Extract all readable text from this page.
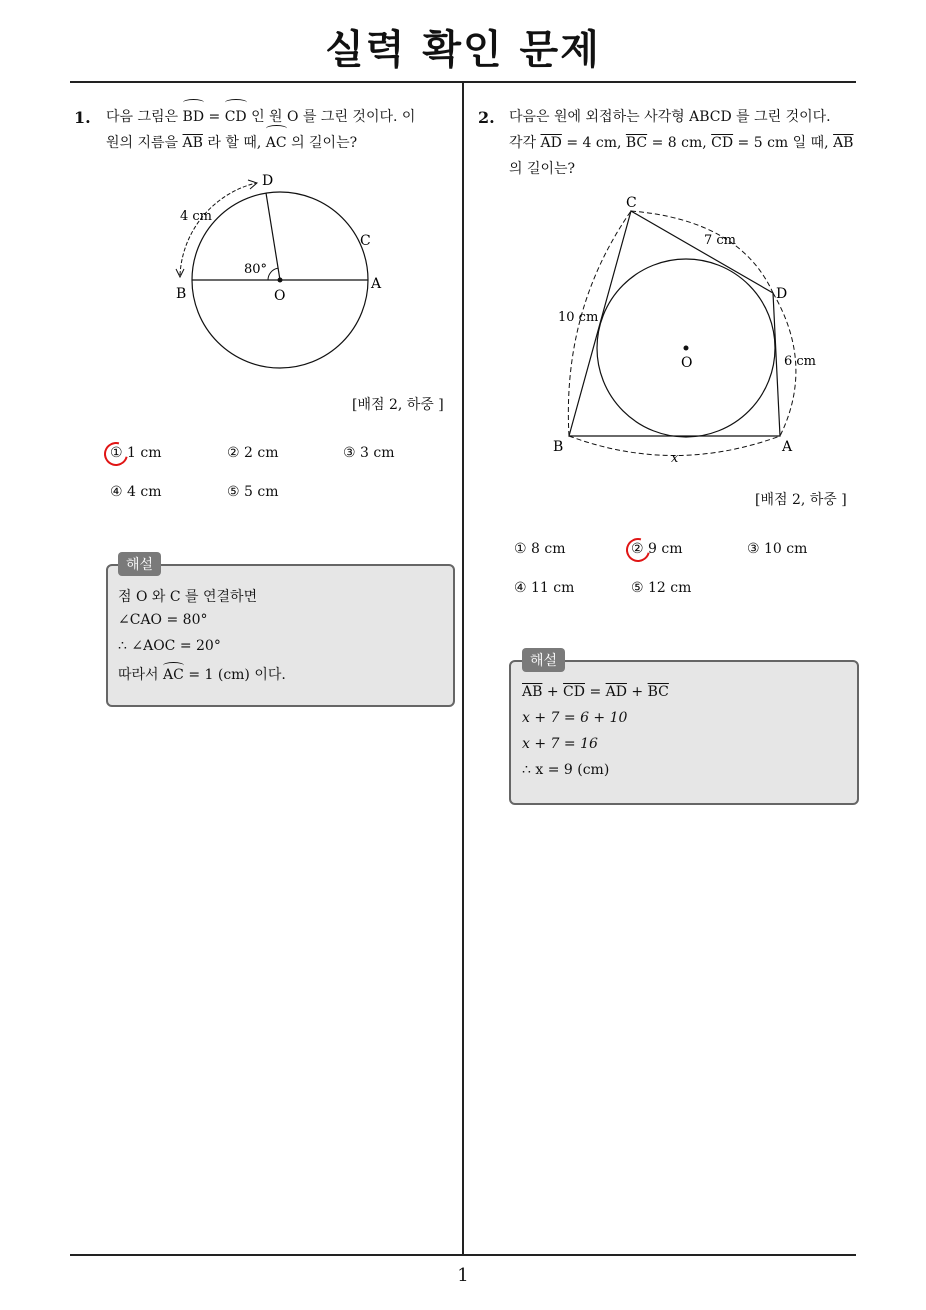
실력 확인 문제
1. 다음 그림은 BD = CD 인 원 O 를 그린 것이다. 이
원의 지름을 $\overline{AB}$ 라 할 때, AC 의 길이는?
D
C
B
A
O
4 cm
80°
[배점 2, 하중 ]
① 1 cm	② 2 cm	③ 3 cm
④ 4 cm	⑤ 5 cm
해설
점 O 와 C 를 연결하면
∠CAO = 80°
∴ ∠AOC = 20°
따라서 AC = 1 (cm) 이다.
2. 다음은 원에 외접하는 사각형 ABCD 를 그린 것이다.
각각 $\overline{AD} = 4$ cm, $\overline{BC} = 8$ cm, $\overline{CD} = 5$ cm 일 때, $\overline{AB}$
의 길이는?
C
D
B	A
O
7 cm
10 cm
6 cm
x
[배점 2, 하중 ]
① 8 cm	② 9 cm	③ 10 cm
④ 11 cm	⑤ 12 cm
해설
$\overline{AB} + \overline{CD} = \overline{AD} + \overline{BC}$
x + 7 = 6 + 10
x + 7 = 16
∴ x = 9 (cm)
1
